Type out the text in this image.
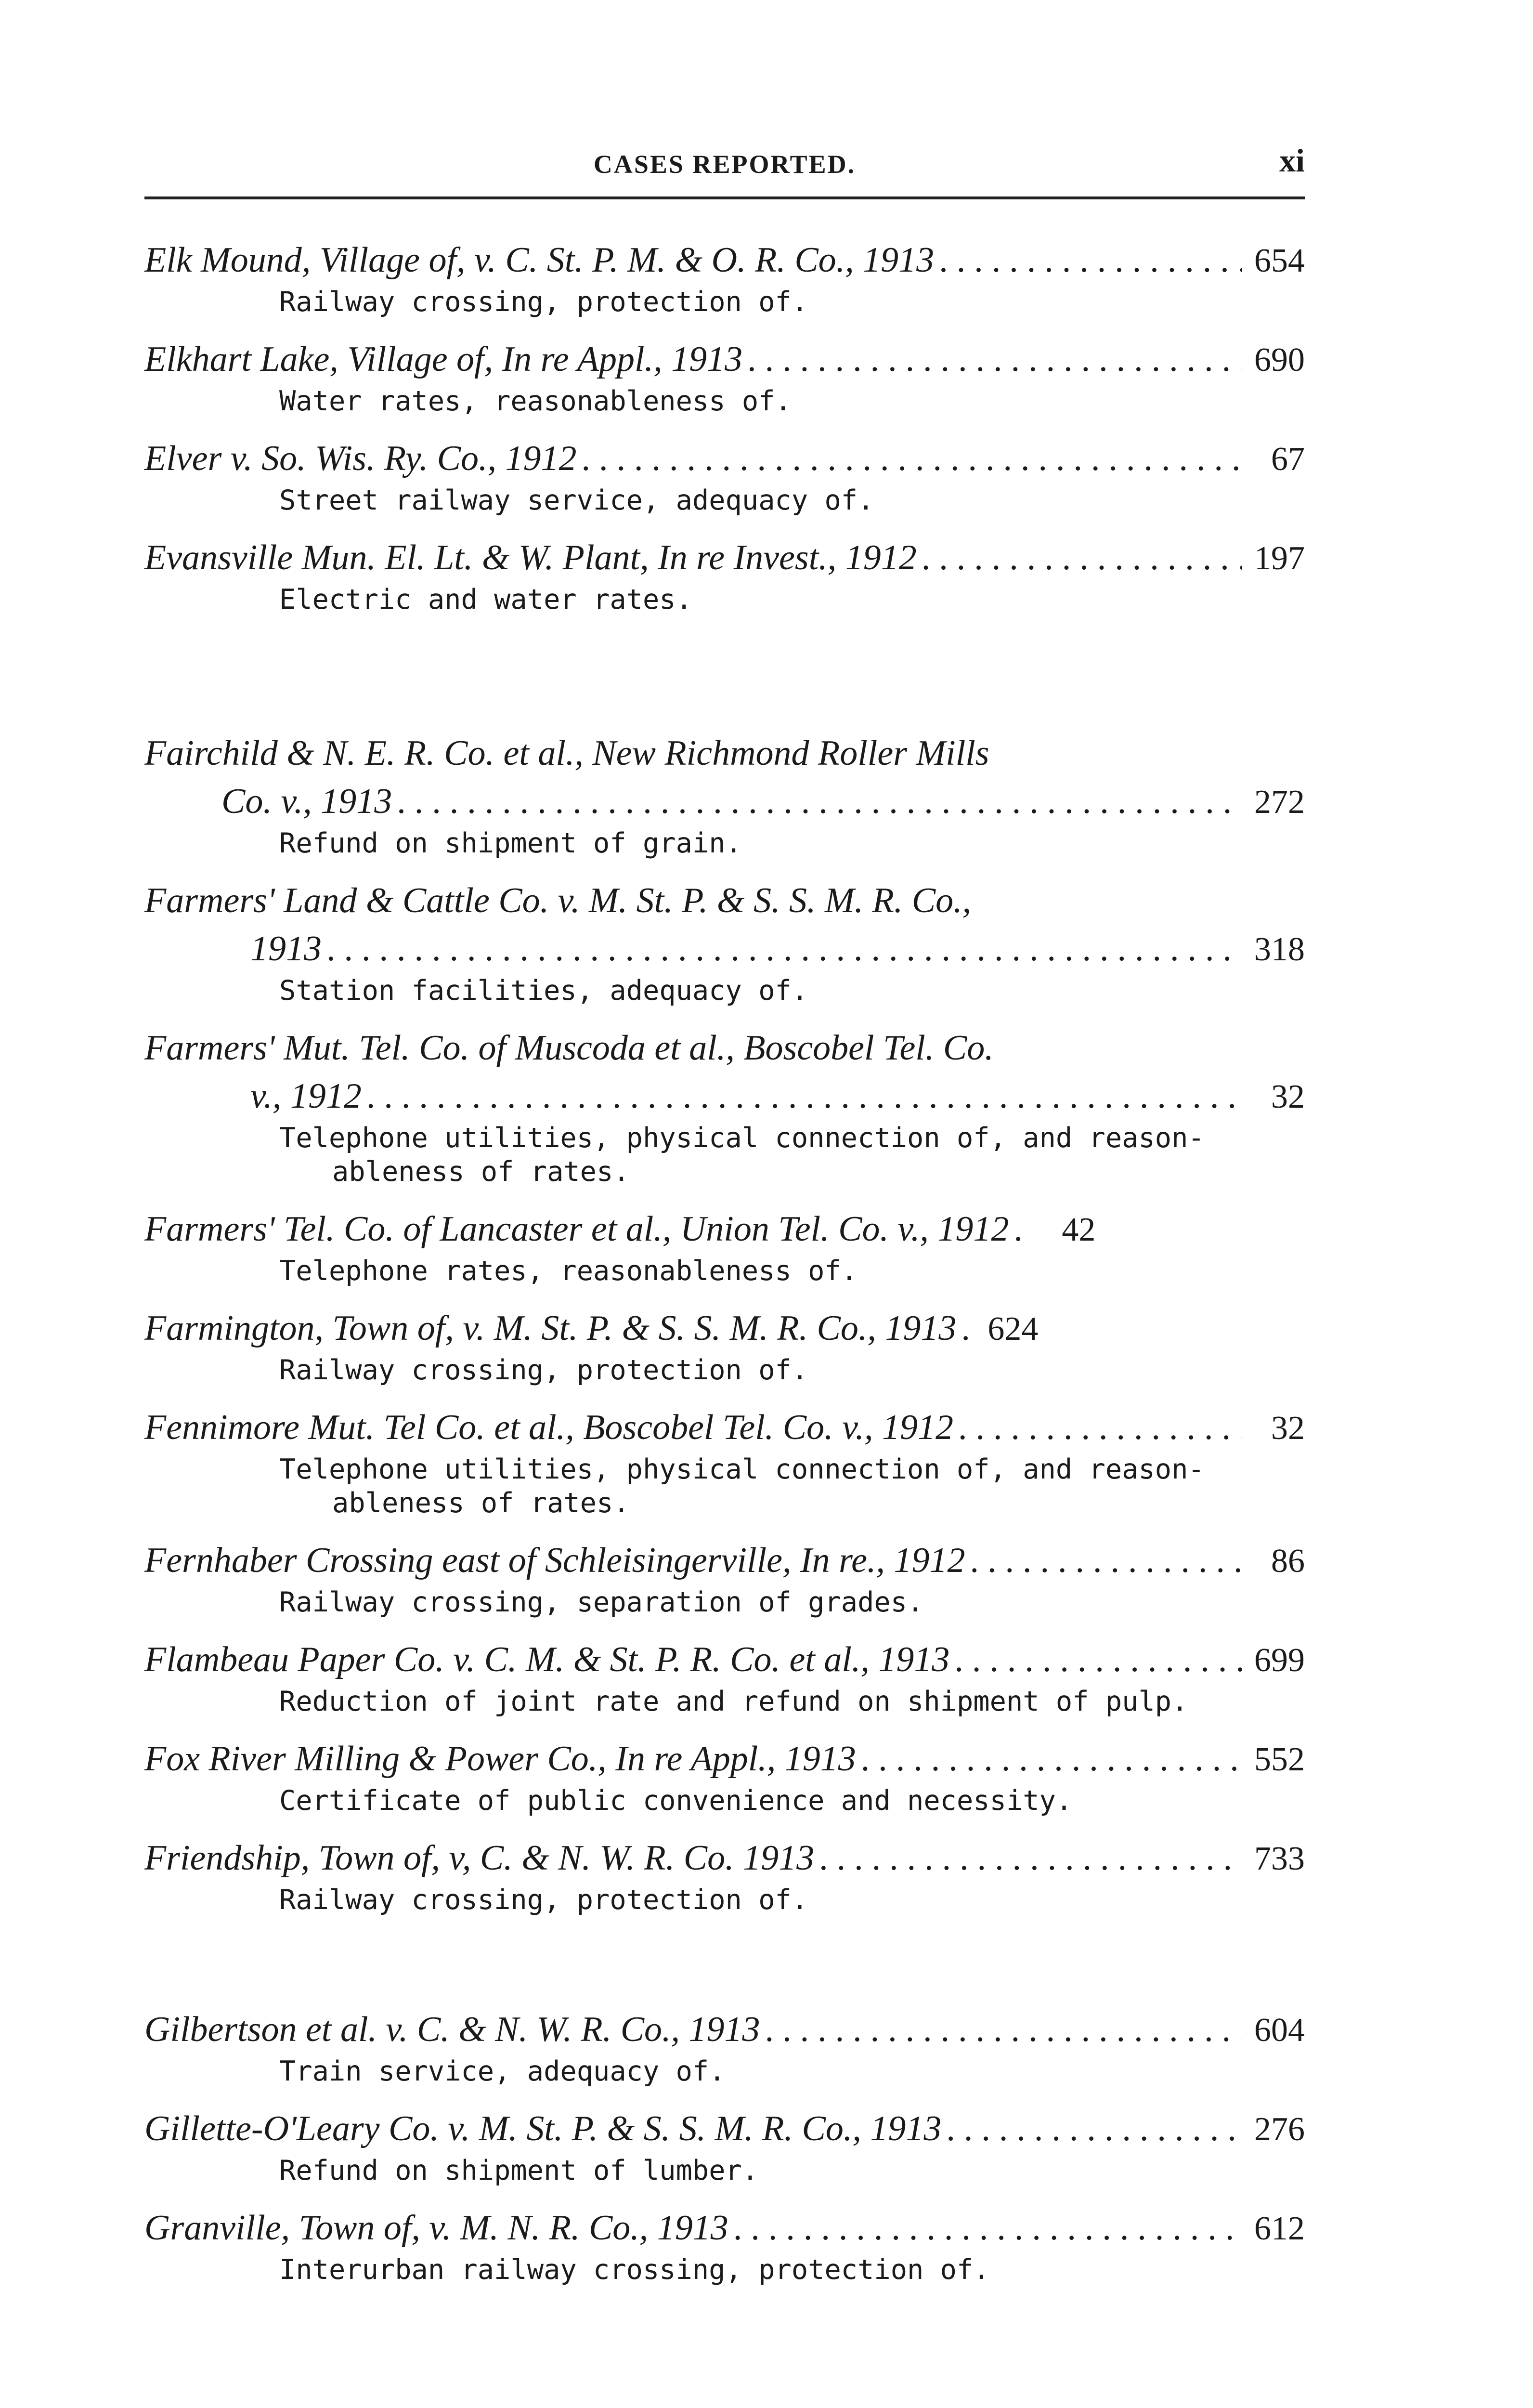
CASES REPORTED.	xi
Elk Mound, Village of, v. C. St. P. M. & O. R. Co., 1913 .....	654
Railway crossing, protection of.
Elkhart Lake, Village of, In re Appl., 1913 .....	690
Water rates, reasonableness of.
Elver v. So. Wis. Ry. Co., 1912 .....	67
Street railway service, adequacy of.
Evansville Mun. El. Lt. & W. Plant, In re Invest., 1912 .....	197
Electric and water rates.
Fairchild & N. E. R. Co. et al., New Richmond Roller Mills
Co. v., 1913 .....	272
Refund on shipment of grain.
Farmers' Land & Cattle Co. v. M. St. P. & S. S. M. R. Co.,
1913 .....	318
Station facilities, adequacy of.
Farmers' Mut. Tel. Co. of Muscoda et al., Boscobel Tel. Co.
v., 1912 .....	32
Telephone utilities, physical connection of, and reason-
ableness of rates.
Farmers' Tel. Co. of Lancaster et al., Union Tel. Co. v., 1912 .....	42
Telephone rates, reasonableness of.
Farmington, Town of, v. M. St. P. & S. S. M. R. Co., 1913 ..... 624
Railway crossing, protection of.
Fennimore Mut. Tel Co. et al., Boscobel Tel. Co. v., 1912 .....	32
Telephone utilities, physical connection of, and reason-
ableness of rates.
Fernhaber Crossing east of Schleisingerville, In re., 1912 .....	86
Railway crossing, separation of grades.
Flambeau Paper Co. v. C. M. & St. P. R. Co. et al., 1913 .....	699
Reduction of joint rate and refund on shipment of pulp.
Fox River Milling & Power Co., In re Appl., 1913 .....	552
Certificate of public convenience and necessity.
Friendship, Town of, v, C. & N. W. R. Co. 1913 .....	733
Railway crossing, protection of.
Gilbertson et al. v. C. & N. W. R. Co., 1913 .....	604
Train service, adequacy of.
Gillette-O'Leary Co. v. M. St. P. & S. S. M. R. Co., 1913 .....	276
Refund on shipment of lumber.
Granville, Town of, v. M. N. R. Co., 1913 .....	612
Interurban railway crossing, protection of.
